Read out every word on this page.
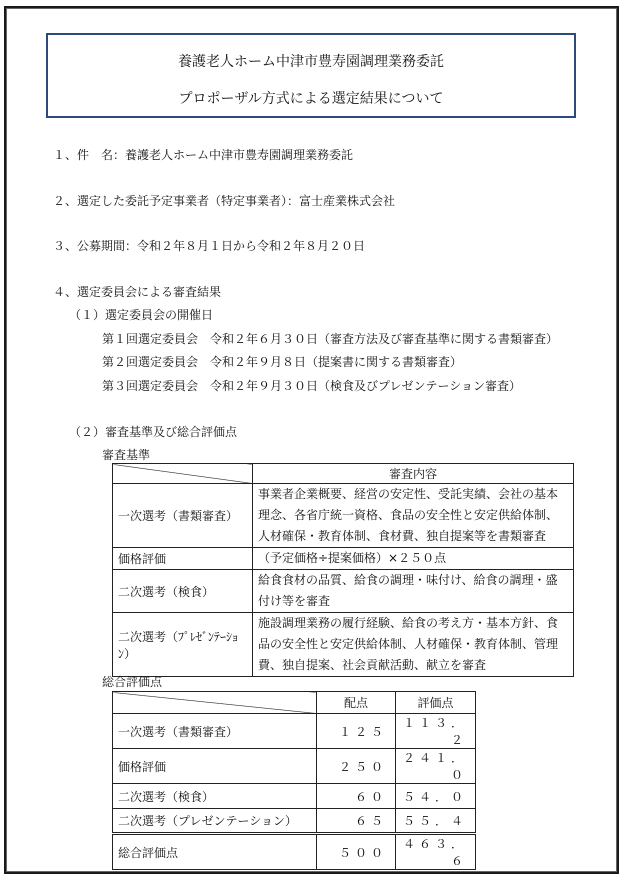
養護老人ホーム中津市豊寿園調理業務委託
プロポーザル方式による選定結果について
１、件　名：養護老人ホーム中津市豊寿園調理業務委託
２、選定した委託予定事業者（特定事業者）：富士産業株式会社
３、公募期間：令和２年８月１日から令和２年８月２０日
４、選定委員会による審査結果
（１）選定委員会の開催日
第１回選定委員会　令和２年６月３０日（審査方法及び審査基準に関する書類審査）
第２回選定委員会　令和２年９月８日（提案書に関する書類審査）
第３回選定委員会　令和２年９月３０日（検食及びプレゼンテーション審査）
（２）審査基準及び総合評価点
審査基準
	審査内容
一次選考（書類審査）	事業者企業概要、経営の安定性、受託実績、会社の基本理念、各省庁統一資格、食品の安全性と安定供給体制、人材確保・教育体制、食材費、独自提案等を書類審査
価格評価	（予定価格÷提案価格）×２５０点
二次選考（検食）	給食食材の品質、給食の調理・味付け、給食の調理・盛付け等を審査
二次選考（ﾌﾟﾚｾﾞﾝﾃｰｼｮﾝ）	施設調理業務の履行経験、給食の考え方・基本方針、食品の安全性と安定供給体制、人材確保・教育体制、管理費、独自提案、社会貢献活動、献立を審査
総合評価点
	配点	評価点
一次選考（書類審査）	１２５	１１３．２
価格評価	２５０	２４１．０
二次選考（検食）	６０	５４．０
二次選考（プレゼンテーション）	６５	５５．４
総合評価点	５００	４６３．６
